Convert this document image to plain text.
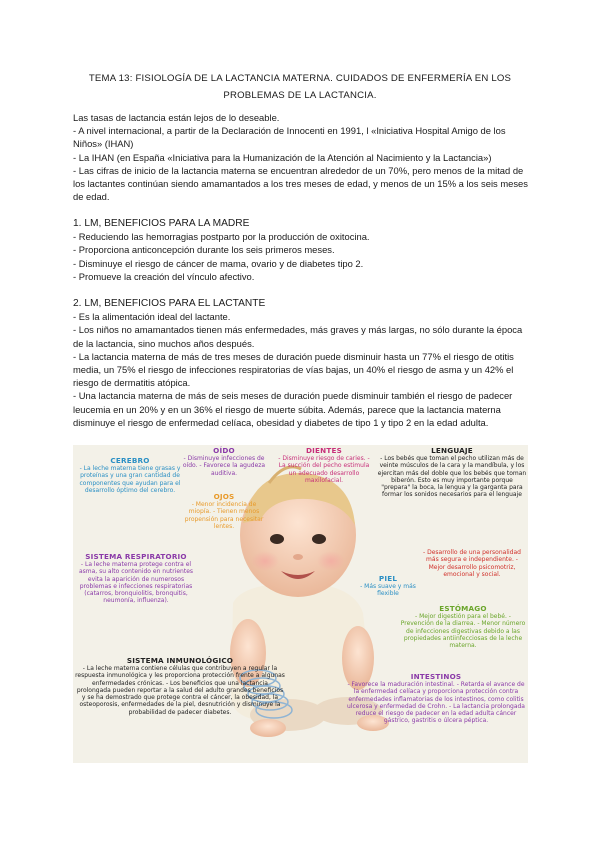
TEMA 13: FISIOLOGÍA DE LA LACTANCIA MATERNA. CUIDADOS DE ENFERMERÍA EN LOS PROBLEMAS DE LA LACTANCIA.

Las tasas de lactancia están lejos de lo deseable.

- A nivel internacional, a partir de la Declaración de Innocenti en 1991, l «Iniciativa Hospital Amigo de los Niños» (IHAN)

- La IHAN (en España «Iniciativa para la Humanización de la Atención al Nacimiento y la Lactancia»)

- Las cifras de inicio de la lactancia materna se encuentran alrededor de un 70%, pero menos de la mitad de los lactantes continúan siendo amamantados a los tres meses de edad, y menos de un 15% a los seis meses de edad.

1. LM, BENEFICIOS PARA LA MADRE

- Reduciendo las hemorragias postparto por la producción de oxitocina.

- Proporciona anticoncepción durante los seis primeros meses.

- Disminuye el riesgo de cáncer de mama, ovario y de diabetes tipo 2.

- Promueve la creación del vínculo afectivo.

2. LM, BENEFICIOS PARA EL LACTANTE

- Es la alimentación ideal del lactante.

- Los niños no amamantados tienen más enfermedades, más graves y más largas, no sólo durante la época de la lactancia, sino muchos años después.

- La lactancia materna de más de tres meses de duración puede disminuir hasta un 77% el riesgo de otitis media, un 75% el riesgo de infecciones respiratorias de vías bajas, un 40% el riesgo de asma y un 42% el riesgo de dermatitis atópica.

- Una lactancia materna de más de seis meses de duración puede disminuir también el riesgo de padecer leucemia en un 20% y en un 36% el riesgo de muerte súbita. Además, parece que la lactancia materna disminuye el riesgo de enfermedad celíaca, obesidad y diabetes de tipo 1 y tipo 2 en la edad adulta.

CEREBRO
- La leche materna tiene grasas y proteínas y una gran cantidad de componentes que ayudan para el desarrollo óptimo del cerebro.
OÍDO
- Disminuye infecciones de oído. - Favorece la agudeza auditiva.
OJOS
- Menor incidencia de miopía. - Tienen menos propensión para necesitar lentes.
DIENTES
- Disminuye riesgo de caries. - La succión del pecho estimula un adecuado desarrollo maxilofacial.
LENGUAJE
- Los bebés que toman el pecho utilizan más de veinte músculos de la cara y la mandíbula, y los ejercitan más del doble que los bebés que toman biberón. Esto es muy importante porque "prepara" la boca, la lengua y la garganta para formar los sonidos necesarios para el lenguaje
SISTEMA RESPIRATORIO
- La leche materna protege contra el asma, su alto contenido en nutrientes evita la aparición de numerosos problemas e infecciones respiratorias (catarros, bronquiolitis, bronquitis, neumonía, influenza).
PIEL
- Más suave y más flexible
- Desarrollo de una personalidad más segura e independiente. - Mejor desarrollo psicomotriz, emocional y social.
ESTÓMAGO
- Mejor digestión para el bebé. - Prevención de la diarrea. - Menor número de infecciones digestivas debido a las propiedades antiinfecciosas de la leche materna.
SISTEMA INMUNOLÓGICO
- La leche materna contiene células que contribuyen a regular la respuesta inmunológica y les proporciona protección frente a algunas enfermedades crónicas. - Los beneficios que una lactancia prolongada pueden reportar a la salud del adulto grandes beneficios y se ha demostrado que protege contra el cáncer, la obesidad, la osteoporosis, enfermedades de la piel, desnutrición y disminuye la probabilidad de padecer diabetes.
INTESTINOS
- Favorece la maduración intestinal. - Retarda el avance de la enfermedad celíaca y proporciona protección contra enfermedades inflamatorias de los intestinos, como colitis ulcerosa y enfermedad de Crohn. - La lactancia prolongada reduce el riesgo de padecer en la edad adulta cáncer gástrico, gastritis o úlcera péptica.
